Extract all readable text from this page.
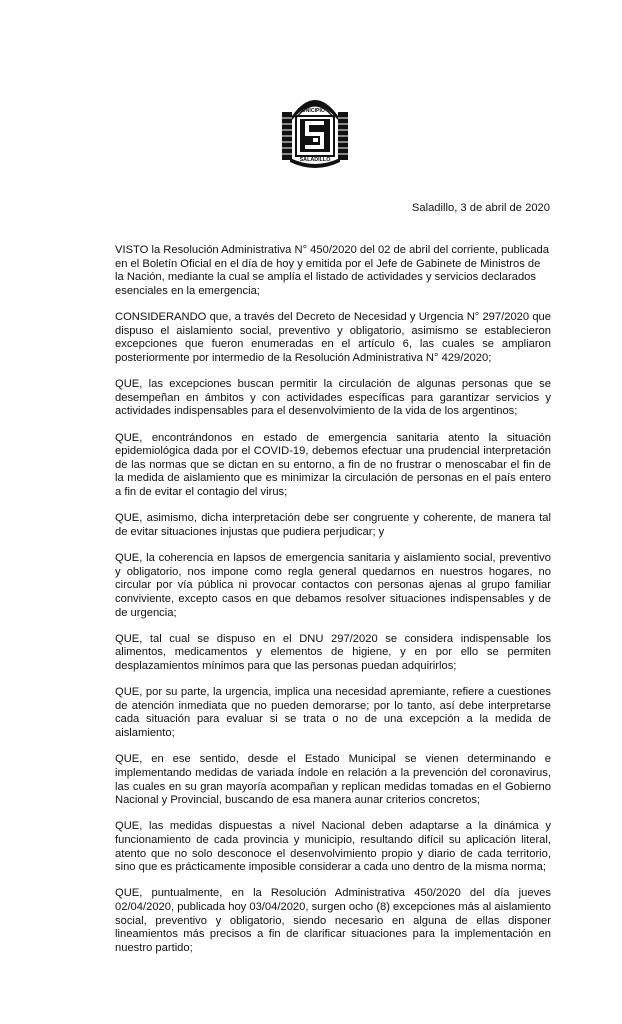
MUNICIPIO de
SALADILLO
Saladillo, 3 de abril de 2020

VISTO la Resolución Administrativa N° 450/2020 del 02 de abril del corriente, publicada en el Boletín Oficial en el día de hoy y emitida por el Jefe de Gabinete de Ministros de la Nación, mediante la cual se amplía el listado de actividades y servicios declarados esenciales en la emergencia;

CONSIDERANDO que, a través del Decreto de Necesidad y Urgencia N° 297/2020 que dispuso el aislamiento social, preventivo y obligatorio, asimismo se establecieron excepciones que fueron enumeradas en el artículo 6, las cuales se ampliaron posteriormente por intermedio de la Resolución Administrativa N° 429/2020;

QUE, las excepciones buscan permitir la circulación de algunas personas que se desempeñan en ámbitos y con actividades específicas para garantizar servicios y actividades indispensables para el desenvolvimiento de la vida de los argentinos;

QUE, encontrándonos en estado de emergencia sanitaria atento la situación epidemiológica dada por el COVID-19, debemos efectuar una prudencial interpretación de las normas que se dictan en su entorno, a fin de no frustrar o menoscabar el fin de la medida de aislamiento que es minimizar la circulación de personas en el país entero a fin de evitar el contagio del virus;

QUE, asimismo, dicha interpretación debe ser congruente y coherente, de manera tal de evitar situaciones injustas que pudiera perjudicar; y

QUE, la coherencia en lapsos de emergencia sanitaria y aislamiento social, preventivo y obligatorio, nos impone como regla general quedarnos en nuestros hogares, no circular por vía pública ni provocar contactos con personas ajenas al grupo familiar conviviente, excepto casos en que debamos resolver situaciones indispensables y de de urgencia;

QUE, tal cual se dispuso en el DNU 297/2020 se considera indispensable los alimentos, medicamentos y elementos de higiene, y en por ello se permiten desplazamientos mínimos para que las personas puedan adquirirlos;

QUE, por su parte, la urgencia, implica una necesidad apremiante, refiere a cuestiones de atención inmediata que no pueden demorarse; por lo tanto, así debe interpretarse cada situación para evaluar si se trata o no de una excepción a la medida de aislamiento;

QUE, en ese sentido, desde el Estado Municipal se vienen determinando e implementando medidas de variada índole en relación a la prevención del coronavirus, las cuales en su gran mayoría acompañan y replican medidas tomadas en el Gobierno Nacional y Provincial, buscando de esa manera aunar criterios concretos;

QUE, las medidas dispuestas a nivel Nacional deben adaptarse a la dinámica y funcionamiento de cada provincia y municipio, resultando difícil su aplicación literal, atento que no solo desconoce el desenvolvimiento propio y diario de cada territorio, sino que es prácticamente imposible considerar a cada uno dentro de la misma norma;

QUE, puntualmente, en la Resolución Administrativa 450/2020 del día jueves 02/04/2020, publicada hoy 03/04/2020, surgen ocho (8) excepciones más al aislamiento social, preventivo y obligatorio, siendo necesario en alguna de ellas disponer lineamientos más precisos a fin de clarificar situaciones para la implementación en nuestro partido;
